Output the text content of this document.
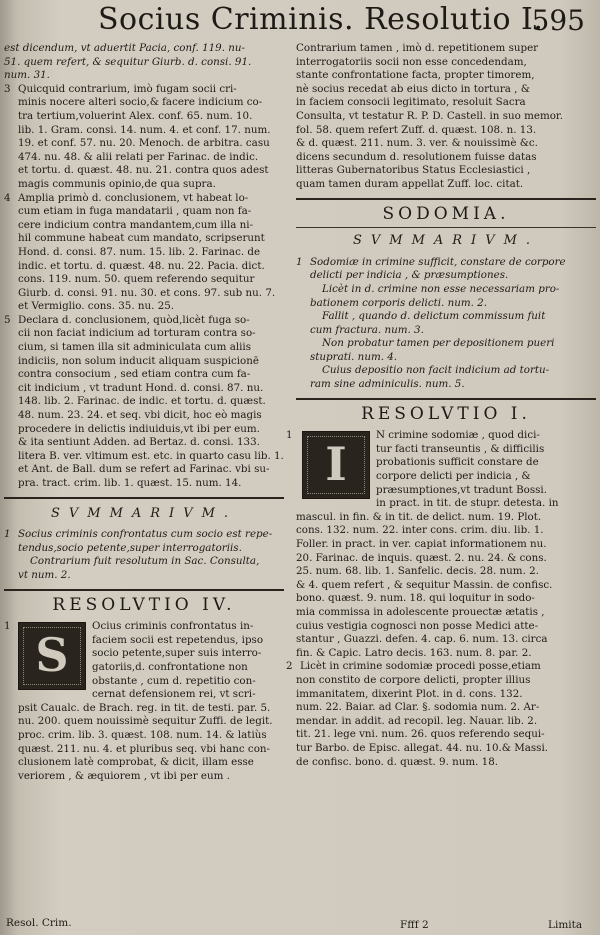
Socius Criminis. Resolutio I.
595
est dicendum, vt aduertit Pacia, conf. 119. nu-
51. quem refert, & sequitur Giurb. d. consi. 91.
num. 31.
3 Quicquid contrarium, imò fugam socii cri-
minis nocere alteri socio,& facere indicium co-
tra tertium,voluerint Alex. conf. 65. num. 10.
lib. 1. Gram. consi. 14. num. 4. et conf. 17. num.
19. et conf. 57. nu. 20. Menoch. de arbitra. casu
474. nu. 48. & alii relati per Farinac. de indic.
et tortu. d. quæst. 48. nu. 21. contra quos adest
magis communis opinio,de qua supra.
4 Amplia primò d. conclusionem, vt habeat lo-
cum etiam in fuga mandatarii , quam non fa-
cere indicium contra mandantem,cum illa ni-
hil commune habeat cum mandato, scripserunt
Hond. d. consi. 87. num. 15. lib. 2. Farinac. de
indic. et tortu. d. quæst. 48. nu. 22. Pacia. dict.
cons. 119. num. 50. quem referendo sequitur
Giurb. d. consi. 91. nu. 30. et cons. 97. sub nu. 7.
et Vermiglio. cons. 35. nu. 25.
5 Declara d. conclusionem, quòd,licèt fuga so-
cii non faciat indicium ad torturam contra so-
cium, si tamen illa sit adminiculata cum aliis
indiciis, non solum inducit aliquam suspicionē
contra consocium , sed etiam contra cum fa-
cit indicium , vt tradunt Hond. d. consi. 87. nu.
148. lib. 2. Farinac. de indic. et tortu. d. quæst.
48. num. 23. 24. et seq. vbi dicit, hoc eò magis
procedere in delictis indiuiduis,vt ibi per eum.
& ita sentiunt Adden. ad Bertaz. d. consi. 133.
litera B. ver. vltimum est. etc. in quarto casu lib. 1.
et Ant. de Ball. dum se refert ad Farinac. vbi su-
pra. tract. crim. lib. 1. quæst. 15. num. 14.
SVMMARIVM.
1 Socius criminis confrontatus cum socio est repe-
tendus,socio petente,super interrogatoriis.
Contrarium fuit resolutum in Sac. Consulta,
vt num. 2.
RESOLVTIO IV.
1
S
Ocius criminis confrontatus in-
faciem socii est repetendus, ipso
socio petente,super suis interro-
gatoriis,d. confrontatione non
obstante , cum d. repetitio con-
cernat defensionem rei, vt scri-
psit Caualc. de Brach. reg. in tit. de testi. par. 5.
nu. 200. quem nouissimè sequitur Zuffi. de legit.
proc. crim. lib. 3. quæst. 108. num. 14. & latiùs
quæst. 211. nu. 4. et pluribus seq. vbi hanc con-
clusionem latè comprobat, & dicit, illam esse
veriorem , & æquiorem , vt ibi per eum .
Contrarium tamen , imò d. repetitionem super
interrogatoriis socii non esse concedendam,
stante confrontatione facta, propter timorem,
nè socius recedat ab eius dicto in tortura , &
in faciem consocii legitimato, resoluit Sacra
Consulta, vt testatur R. P. D. Castell. in suo memor.
fol. 58. quem refert Zuff. d. quæst. 108. n. 13.
& d. quæst. 211. num. 3. ver. & nouissimè &c.
dicens secundum d. resolutionem fuisse datas
litteras Gubernatoribus Status Ecclesiastici ,
quam tamen duram appellat Zuff. loc. citat.
SODOMIA.
SVMMARIVM.
1 Sodomiæ in crimine sufficit, constare de corpore
delicti per indicia , & præsumptiones.
Licèt in d. crimine non esse necessariam pro-
bationem corporis delicti. num. 2.
Fallit , quando d. delictum commissum fuit
cum fractura. num. 3.
Non probatur tamen per depositionem pueri
stuprati. num. 4.
Cuius depositio non facit indicium ad tortu-
ram sine adminiculis. num. 5.
RESOLVTIO I.
1
I
N crimine sodomiæ , quod dici-
tur facti transeuntis , & difficilis
probationis sufficit constare de
corpore delicti per indicia , &
præsumptiones,vt tradunt Bossi.
in pract. in tit. de stupr. detesta. in
mascul. in fin. & in tit. de delict. num. 19. Plot.
cons. 132. num. 22. inter cons. crim. diu. lib. 1.
Foller. in pract. in ver. capiat informationem nu.
20. Farinac. de inquis. quæst. 2. nu. 24. & cons.
25. num. 68. lib. 1. Sanfelic. decis. 28. num. 2.
& 4. quem refert , & sequitur Massin. de confisc.
bono. quæst. 9. num. 18. qui loquitur in sodo-
mia commissa in adolescente prouectæ ætatis ,
cuius vestigia cognosci non posse Medici atte-
stantur , Guazzi. defen. 4. cap. 6. num. 13. circa
fin. & Capic. Latro decis. 163. num. 8. par. 2.
2 Licèt in crimine sodomiæ procedi posse,etiam
non constito de corpore delicti, propter illius
immanitatem, dixerint Plot. in d. cons. 132.
num. 22. Baiar. ad Clar. §. sodomia num. 2. Ar-
mendar. in addit. ad recopil. leg. Nauar. lib. 2.
tit. 21. lege vni. num. 26. quos referendo sequi-
tur Barbo. de Episc. allegat. 44. nu. 10.& Massi.
de confisc. bono. d. quæst. 9. num. 18.
Resol. Crim.	Ffff 2	Limita
